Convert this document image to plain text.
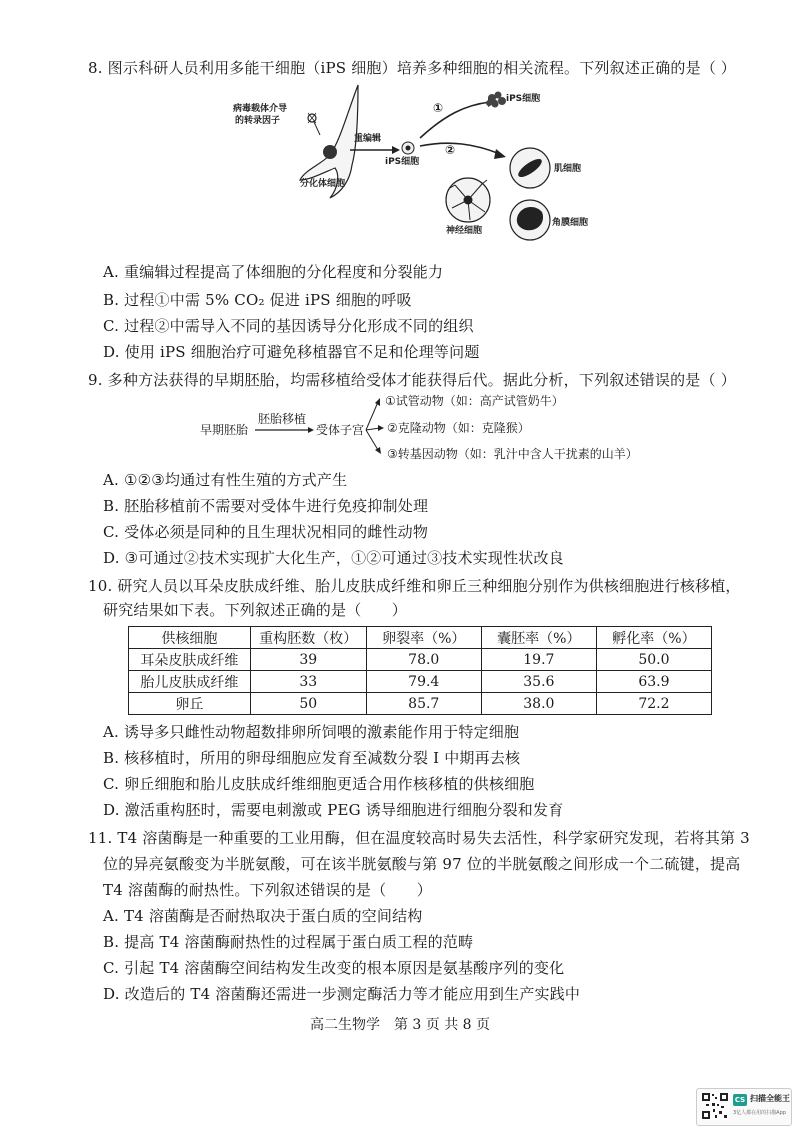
8. 图示科研人员利用多能干细胞（iPS 细胞）培养多种细胞的相关流程。下列叙述正确的是（ ）
病毒载体介导
的转录因子
分化体细胞
重编辑
iPS细胞
①
②
iPS细胞
肌细胞
神经细胞
角膜细胞
A. 重编辑过程提高了体细胞的分化程度和分裂能力
B. 过程①中需 5% CO₂ 促进 iPS 细胞的呼吸
C. 过程②中需导入不同的基因诱导分化形成不同的组织
D. 使用 iPS 细胞治疗可避免移植器官不足和伦理等问题
9. 多种方法获得的早期胚胎，均需移植给受体才能获得后代。据此分析，下列叙述错误的是（ ）
早期胚胎
胚胎移植
受体子宫
①试管动物（如：高产试管奶牛）
②克隆动物（如：克隆猴）
③转基因动物（如：乳汁中含人干扰素的山羊）
A. ①②③均通过有性生殖的方式产生
B. 胚胎移植前不需要对受体牛进行免疫抑制处理
C. 受体必须是同种的且生理状况相同的雌性动物
D. ③可通过②技术实现扩大化生产，①②可通过③技术实现性状改良
10. 研究人员以耳朵皮肤成纤维、胎儿皮肤成纤维和卵丘三种细胞分别作为供核细胞进行核移植，
研究结果如下表。下列叙述正确的是（　　）
供核细胞	重构胚数（枚）	卵裂率（%）	囊胚率（%）	孵化率（%）
耳朵皮肤成纤维	39	78.0	19.7	50.0
胎儿皮肤成纤维	33	79.4	35.6	63.9
卵丘	50	85.7	38.0	72.2
A. 诱导多只雌性动物超数排卵所饲喂的激素能作用于特定细胞
B. 核移植时，所用的卵母细胞应发育至减数分裂 I 中期再去核
C. 卵丘细胞和胎儿皮肤成纤维细胞更适合用作核移植的供核细胞
D. 激活重构胚时，需要电刺激或 PEG 诱导细胞进行细胞分裂和发育
11. T4 溶菌酶是一种重要的工业用酶，但在温度较高时易失去活性，科学家研究发现，若将其第 3
位的异亮氨酸变为半胱氨酸，可在该半胱氨酸与第 97 位的半胱氨酸之间形成一个二硫键，提高
T4 溶菌酶的耐热性。下列叙述错误的是（　　）
A. T4 溶菌酶是否耐热取决于蛋白质的空间结构
B. 提高 T4 溶菌酶耐热性的过程属于蛋白质工程的范畴
C. 引起 T4 溶菌酶空间结构发生改变的根本原因是氨基酸序列的变化
D. 改造后的 T4 溶菌酶还需进一步测定酶活力等才能应用到生产实践中
高二生物学　第 3 页 共 8 页
CS 扫描全能王
3亿人都在用的扫描App
